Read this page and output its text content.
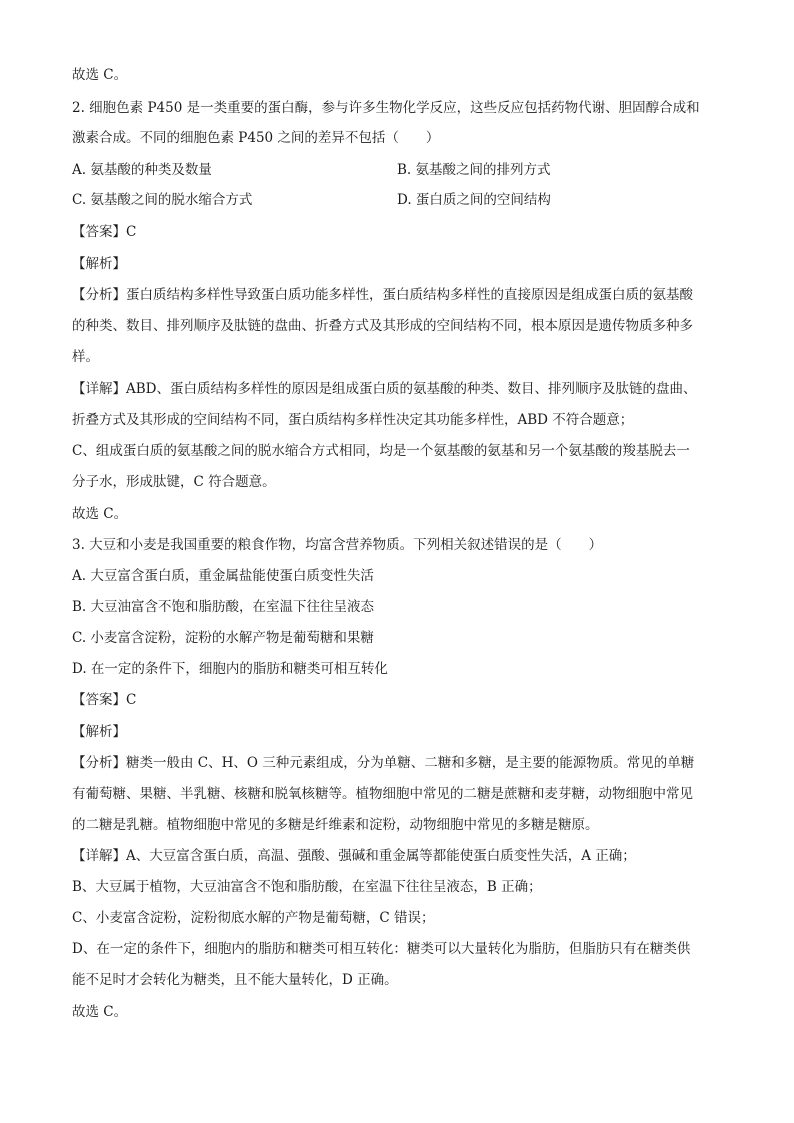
故选 C。
2. 细胞色素 P450 是一类重要的蛋白酶，参与许多生物化学反应，这些反应包括药物代谢、胆固醇合成和
激素合成。不同的细胞色素 P450 之间的差异不包括（　　）
A. 氨基酸的种类及数量	B. 氨基酸之间的排列方式
C. 氨基酸之间的脱水缩合方式	D. 蛋白质之间的空间结构
【答案】C
【解析】
【分析】蛋白质结构多样性导致蛋白质功能多样性，蛋白质结构多样性的直接原因是组成蛋白质的氨基酸
的种类、数目、排列顺序及肽链的盘曲、折叠方式及其形成的空间结构不同，根本原因是遗传物质多种多
样。
【详解】ABD、蛋白质结构多样性的原因是组成蛋白质的氨基酸的种类、数目、排列顺序及肽链的盘曲、
折叠方式及其形成的空间结构不同，蛋白质结构多样性决定其功能多样性，ABD 不符合题意；
C、组成蛋白质的氨基酸之间的脱水缩合方式相同，均是一个氨基酸的氨基和另一个氨基酸的羧基脱去一
分子水，形成肽键，C 符合题意。
故选 C。
3. 大豆和小麦是我国重要的粮食作物，均富含营养物质。下列相关叙述错误的是（　　）
A. 大豆富含蛋白质，重金属盐能使蛋白质变性失活
B. 大豆油富含不饱和脂肪酸，在室温下往往呈液态
C. 小麦富含淀粉，淀粉的水解产物是葡萄糖和果糖
D. 在一定的条件下，细胞内的脂肪和糖类可相互转化
【答案】C
【解析】
【分析】糖类一般由 C、H、O 三种元素组成，分为单糖、二糖和多糖，是主要的能源物质。常见的单糖
有葡萄糖、果糖、半乳糖、核糖和脱氧核糖等。植物细胞中常见的二糖是蔗糖和麦芽糖，动物细胞中常见
的二糖是乳糖。植物细胞中常见的多糖是纤维素和淀粉，动物细胞中常见的多糖是糖原。
【详解】A、大豆富含蛋白质，高温、强酸、强碱和重金属等都能使蛋白质变性失活，A 正确；
B、大豆属于植物，大豆油富含不饱和脂肪酸，在室温下往往呈液态，B 正确；
C、小麦富含淀粉，淀粉彻底水解的产物是葡萄糖，C 错误；
D、在一定的条件下，细胞内的脂肪和糖类可相互转化：糖类可以大量转化为脂肪，但脂肪只有在糖类供
能不足时才会转化为糖类，且不能大量转化，D 正确。
故选 C。
